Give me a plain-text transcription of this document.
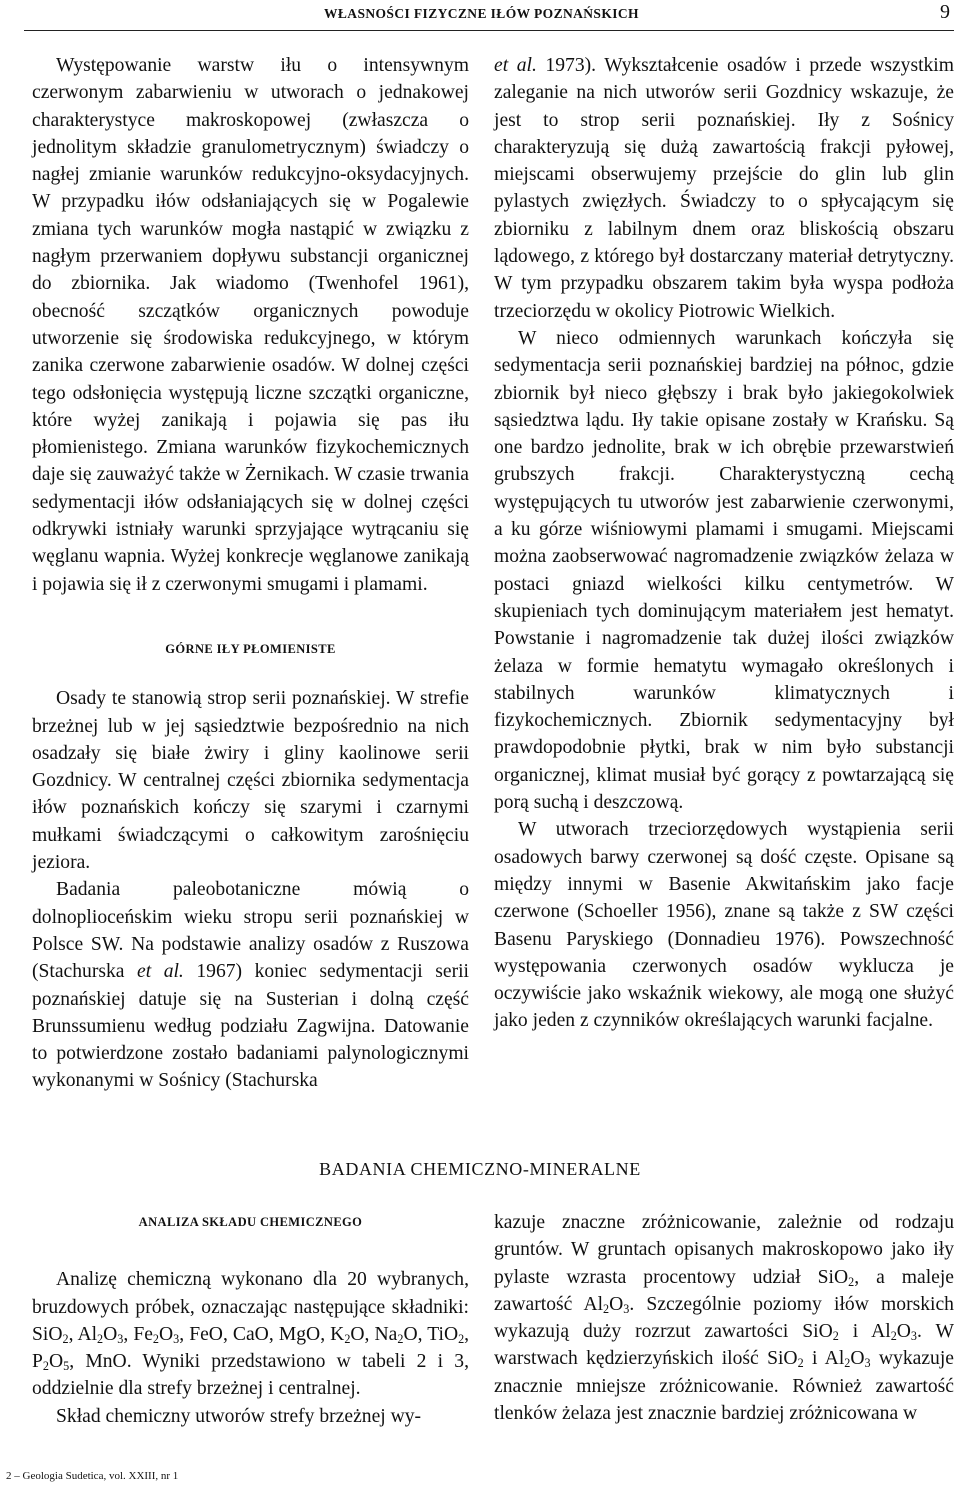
WŁASNOŚCI FIZYCZNE IŁÓW POZNAŃSKICH	9

Występowanie warstw iłu o intensywnym czerwonym zabarwieniu w utworach o jednakowej charakterystyce makroskopowej (zwłaszcza o jednolitym składzie granulometrycznym) świadczy o nagłej zmianie warunków redukcyjno-oksydacyjnych. W przypadku iłów odsłaniających się w Pogalewie zmiana tych warunków mogła nastąpić w związku z nagłym przerwaniem dopływu substancji organicznej do zbiornika. Jak wiadomo (Twenhofel 1961), obecność szczątków organicznych powoduje utworzenie się środowiska redukcyjnego, w którym zanika czerwone zabarwienie osadów. W dolnej części tego odsłonięcia występują liczne szczątki organiczne, które wyżej zanikają i pojawia się pas iłu płomienistego. Zmiana warunków fizykochemicznych daje się zauważyć także w Żernikach. W czasie trwania sedymentacji iłów odsłaniających się w dolnej części odkrywki istniały warunki sprzyjające wytrącaniu się węglanu wapnia. Wyżej konkrecje węglanowe zanikają i pojawia się ił z czerwonymi smugami i plamami.

GÓRNE IŁY PŁOMIENISTE

Osady te stanowią strop serii poznańskiej. W strefie brzeżnej lub w jej sąsiedztwie bezpośrednio na nich osadzały się białe żwiry i gliny kaolinowe serii Gozdnicy. W centralnej części zbiornika sedymentacja iłów poznańskich kończy się szarymi i czarnymi mułkami świadczącymi o całkowitym zarośnięciu jeziora.

Badania paleobotaniczne mówią o dolnoplioceńskim wieku stropu serii poznańskiej w Polsce SW. Na podstawie analizy osadów z Ruszowa (Stachurska et al. 1967) koniec sedymentacji serii poznańskiej datuje się na Susterian i dolną część Brunssumienu według podziału Zagwijna. Datowanie to potwierdzone zostało badaniami palynologicznymi wykonanymi w Sośnicy (Stachurska

et al. 1973). Wykształcenie osadów i przede wszystkim zaleganie na nich utworów serii Gozdnicy wskazuje, że jest to strop serii poznańskiej. Iły z Sośnicy charakteryzują się dużą zawartością frakcji pyłowej, miejscami obserwujemy przejście do glin lub glin pylastych zwięzłych. Świadczy to o spłycającym się zbiorniku z labilnym dnem oraz bliskością obszaru lądowego, z którego był dostarczany materiał detrytyczny. W tym przypadku obszarem takim była wyspa podłoża trzeciorzędu w okolicy Piotrowic Wielkich.

W nieco odmiennych warunkach kończyła się sedymentacja serii poznańskiej bardziej na północ, gdzie zbiornik był nieco głębszy i brak było jakiegokolwiek sąsiedztwa lądu. Iły takie opisane zostały w Krańsku. Są one bardzo jednolite, brak w ich obrębie przewarstwień grubszych frakcji. Charakterystyczną cechą występujących tu utworów jest zabarwienie czerwonymi, a ku górze wiśniowymi plamami i smugami. Miejscami można zaobserwować nagromadzenie związków żelaza w postaci gniazd wielkości kilku centymetrów. W skupieniach tych dominującym materiałem jest hematyt. Powstanie i nagromadzenie tak dużej ilości związków żelaza w formie hematytu wymagało określonych i stabilnych warunków klimatycznych i fizykochemicznych. Zbiornik sedymentacyjny był prawdopodobnie płytki, brak w nim było substancji organicznej, klimat musiał być gorący z powtarzającą się porą suchą i deszczową.

W utworach trzeciorzędowych wystąpienia serii osadowych barwy czerwonej są dość częste. Opisane są między innymi w Basenie Akwitańskim jako facje czerwone (Schoeller 1956), znane są także z SW części Basenu Paryskiego (Donnadieu 1976). Powszechność występowania czerwonych osadów wyklucza je oczywiście jako wskaźnik wiekowy, ale mogą one służyć jako jeden z czynników określających warunki facjalne.

BADANIA CHEMICZNO-MINERALNE

ANALIZA SKŁADU CHEMICZNEGO

Analizę chemiczną wykonano dla 20 wybranych, bruzdowych próbek, oznaczając następujące składniki: SiO$_2$, $Al_2O_3$, $Fe_2O_3$, FeO, CaO, MgO, $K_2O$, $Na_2O$, TiO$_2$, $P_2O_5$, MnO. Wyniki przedstawiono w tabeli 2 i 3, oddzielnie dla strefy brzeżnej i centralnej.

Skład chemiczny utworów strefy brzeżnej wy-

kazuje znaczne zróżnicowanie, zależnie od rodzaju gruntów. W gruntach opisanych makroskopowo jako iły pylaste wzrasta procentowy udział SiO$_2$, a maleje zawartość $Al_2O_3$. Szczególnie poziomy iłów morskich wykazują duży rozrzut zawartości SiO$_2$ i $Al_2O_3$. W warstwach kędzierzyńskich ilość SiO$_2$ i $Al_2O_3$ wykazuje znacznie mniejsze zróżnicowanie. Również zawartość tlenków żelaza jest znacznie bardziej zróżnicowana w

2 – Geologia Sudetica, vol. XXIII, nr 1
